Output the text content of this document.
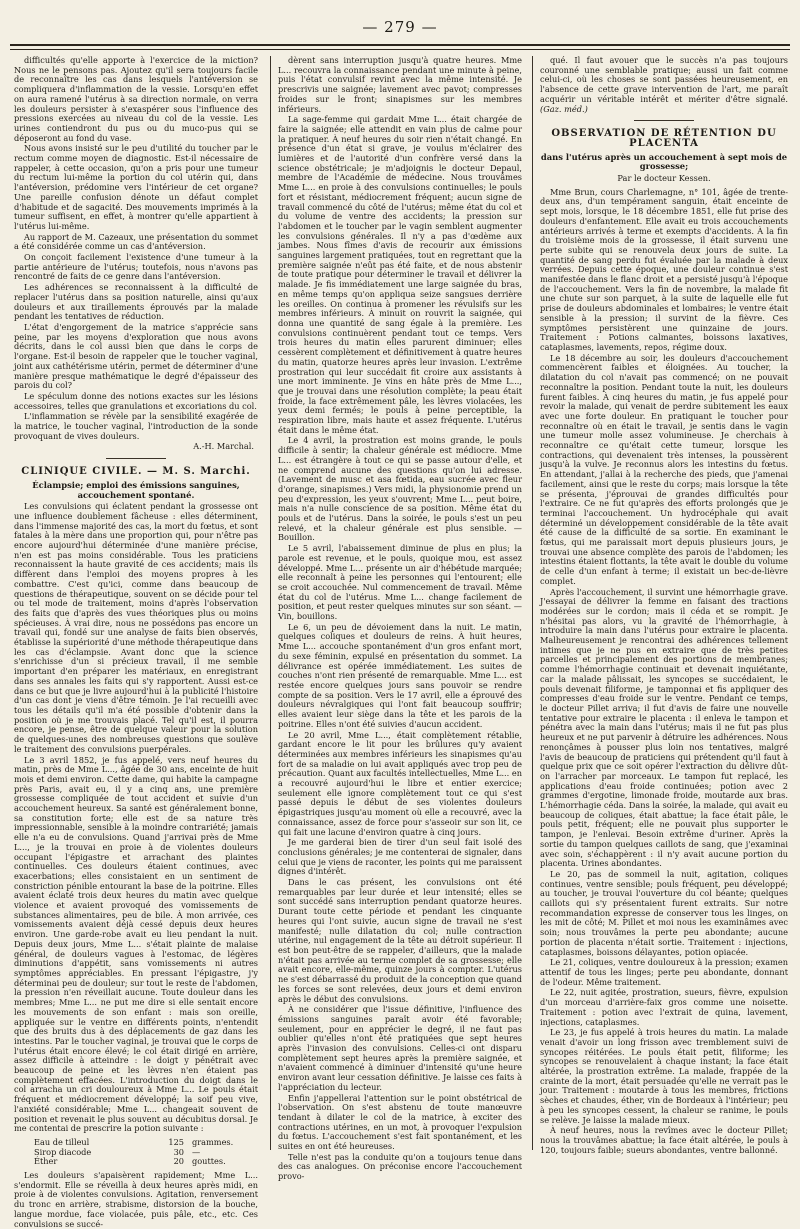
— 279 —

difficultés qu'elle apporte à l'exercice de la miction? Nous ne le pensons pas. Ajoutez qu'il sera toujours facile de reconnaître les cas dans lesquels l'antéversion se compliquera d'inflammation de la vessie. Lorsqu'en effet on aura ramené l'utérus à sa direction normale, on verra les douleurs persister à s'exaspérer sous l'influence des pressions exercées au niveau du col de la vessie. Les urines contiendront du pus ou du muco-pus qui se déposeront au fond du vase.

Nous avons insisté sur le peu d'utilité du toucher par le rectum comme moyen de diagnostic. Est-il nécessaire de rappeler, à cette occasion, qu'on a pris pour une tumeur du rectum lui-même la portion du col utérin qui, dans l'antéversion, prédomine vers l'intérieur de cet organe? Une pareille confusion dénote un défaut complet d'habitude et de sagacité. Des mouvements imprimés à la tumeur suffisent, en effet, à montrer qu'elle appartient à l'utérus lui-même.

Au rapport de M. Cazeaux, une présentation du sommet a été considérée comme un cas d'antéversion.

On conçoit facilement l'existence d'une tumeur à la partie antérieure de l'utérus; toutefois, nous n'avons pas rencontré de faits de ce genre dans l'antéversion.

Les adhérences se reconnaissent à la difficulté de replacer l'utérus dans sa position naturelle, ainsi qu'aux douleurs et aux tiraillements éprouvés par la malade pendant les tentatives de réduction.

L'état d'engorgement de la matrice s'apprécie sans peine, par les moyens d'exploration que nous avons décrits, dans le col aussi bien que dans le corps de l'organe. Est-il besoin de rappeler que le toucher vaginal, joint aux cathétérisme utérin, permet de déterminer d'une manière presque mathématique le degré d'épaisseur des parois du col?

Le spéculum donne des notions exactes sur les lésions accessoires, telles que granulations et excoriations du col.

L'inflammation se révèle par la sensibilité exagérée de la matrice, le toucher vaginal, l'introduction de la sonde provoquant de vives douleurs.

A.-H. Marchal.
CLINIQUE CIVILE. — M. S. Marchi.
Éclampsie; emploi des émissions sanguines, accouchement spontané.

Les convulsions qui éclatent pendant la grossesse ont une influence doublement fâcheuse : elles déterminent, dans l'immense majorité des cas, la mort du fœtus, et sont fatales à la mère dans une proportion qui, pour n'être pas encore aujourd'hui déterminée d'une manière précise, n'en est pas moins considérable. Tous les praticiens reconnaissent la haute gravité de ces accidents; mais ils diffèrent dans l'emploi des moyens propres à les combattre. C'est qu'ici, comme dans beaucoup de questions de thérapeutique, souvent on se décide pour tel ou tel mode de traitement, moins d'après l'observation des faits que d'après des vues théoriques plus ou moins spécieuses. À vrai dire, nous ne possédons pas encore un travail qui, fondé sur une analyse de faits bien observés, établisse la supériorité d'une méthode thérapeutique dans les cas d'éclampsie. Avant donc que la science s'enrichisse d'un si précieux travail, il me semble important d'en préparer les matériaux, en enregistrant dans ses annales les faits qui s'y rapportent. Aussi est-ce dans ce but que je livre aujourd'hui à la publicité l'histoire d'un cas dont je viens d'être témoin. Je l'ai recueilli avec tous les détails qu'il m'a été possible d'obtenir dans la position où je me trouvais placé. Tel qu'il est, il pourra encore, je pense, être de quelque valeur pour la solution de quelques-unes des nombreuses questions que soulève le traitement des convulsions puerpérales.

Le 3 avril 1852, je fus appelé, vers neuf heures du matin, près de Mme L..., âgée de 30 ans, enceinte de huit mois et demi environ. Cette dame, qui habite la campagne près Paris, avait eu, il y a cinq ans, une première grossesse compliquée de tout accident et suivie d'un accouchement heureux. Sa santé est généralement bonne, sa constitution forte; elle est de sa nature très impressionnable, sensible à la moindre contrariété; jamais elle n'a eu de convulsions. Quand j'arrivai près de Mme L..., je la trouvai en proie à de violentes douleurs occupant l'épigastre et arrachant des plaintes continuelles. Ces douleurs étaient continues, avec exacerbations; elles consistaient en un sentiment de constriction pénible entourant la base de la poitrine. Elles avaient éclaté trois deux heures du matin avec quelque violence et avaient provoqué des vomissements de substances alimentaires, peu de bile. À mon arrivée, ces vomissements avaient déjà cessé depuis deux heures environ. Une garde-robe avait eu lieu pendant la nuit. Depuis deux jours, Mme L... s'était plainte de malaise général, de douleurs vagues à l'estomac, de légères diminutions d'appétit, sans vomissements ni autres symptômes appréciables. En pressant l'épigastre, j'y déterminai peu de douleur; sur tout le reste de l'abdomen, la pression n'en réveillait aucune. Toute douleur dans les membres; Mme L... ne put me dire si elle sentait encore les mouvements de son enfant : mais son oreille, appliquée sur le ventre en différents points, n'entendit que des bruits dus à des déplacements de gaz dans les intestins. Par le toucher vaginal, je trouvai que le corps de l'utérus était encore élevé; le col était dirigé en arrière, assez difficile à atteindre : le doigt y pénétrait avec beaucoup de peine et les lèvres n'en étaient pas complètement effacées. L'introduction du doigt dans le col arracha un cri douloureux à Mme L... Le pouls était fréquent et médiocrement développé; la soif peu vive, l'anxiété considérable; Mme L... changeait souvent de position et revenait le plus souvent au décubitus dorsal. Je me contentai de prescrire la potion suivante :

Eau de tilleul	125 grammes.
Sirop diacode	30 —
Éther	20 gouttes.

Les douleurs s'apaisèrent rapidement; Mme L... s'endormit. Elle se réveilla à deux heures après midi, en proie à de violentes convulsions. Agitation, renversement du tronc en arrière, strabisme, distorsion de la bouche, langue mordue, face violacée, puis pâle, etc., etc. Ces convulsions se succé-

dèrent sans interruption jusqu'à quatre heures. Mme L... recouvra la connaissance pendant une minute à peine, puis l'état convulsif revint avec la même intensité. Je prescrivis une saignée; lavement avec pavot; compresses froides sur le front; sinapismes sur les membres inférieurs.

La sage-femme qui gardait Mme L... était chargée de faire la saignée; elle attendit en vain plus de calme pour la pratiquer. À neuf heures du soir rien n'était changé. En présence d'un état si grave, je voulus m'éclairer des lumières et de l'autorité d'un confrère versé dans la science obstétricale; je m'adjoignis le docteur Depaul, membre de l'Académie de médecine. Nous trouvâmes Mme L... en proie à des convulsions continuelles; le pouls fort et résistant, médiocrement fréquent; aucun signe de travail commencé du côté de l'utérus; même état du col et du volume de ventre des accidents; la pression sur l'abdomen et le toucher par le vagin semblent augmenter les convulsions générales. Il n'y a pas d'œdème aux jambes. Nous fîmes d'avis de recourir aux émissions sanguines largement pratiquées, tout en regrettant que la première saignée n'eût pas été faite, et de nous abstenir de toute pratique pour déterminer le travail et délivrer la malade. Je fis immédiatement une large saignée du bras, en même temps qu'on appliqua seize sangsues derrière les oreilles. On continua à promener les révulsifs sur les membres inférieurs. À minuit on rouvrit la saignée, qui donna une quantité de sang égale à la première. Les convulsions continuèrent pendant tout ce temps. Vers trois heures du matin elles parurent diminuer; elles cessèrent complètement et définitivement à quatre heures du matin, quatorze heures après leur invasion. L'extrême prostration qui leur succédait fit croire aux assistants à une mort imminente. Je vins en hâte près de Mme L..., que je trouvai dans une résolution complète; la peau était froide, la face extrêmement pâle, les lèvres violacées, les yeux demi fermés; le pouls à peine perceptible, la respiration libre, mais haute et assez fréquente. L'utérus était dans le même état.

Le 4 avril, la prostration est moins grande, le pouls difficile à sentir; la chaleur générale est médiocre. Mme L... est étrangère à tout ce qui se passe autour d'elle, et ne comprend aucune des questions qu'on lui adresse. (Lavement de musc et asa fœtida, eau sucrée avec fleur d'orange, sinapismes.) Vers midi, la physionomie prend un peu d'expression, les yeux s'ouvrent; Mme L... peut boire, mais n'a nulle conscience de sa position. Même état du pouls et de l'utérus. Dans la soirée, le pouls s'est un peu relevé, et la chaleur générale est plus sensible. — Bouillon.

Le 5 avril, l'abaissement diminue de plus en plus; la parole est revenue, et le pouls, quoique mou, est assez développé. Mme L... présente un air d'hébétude marquée; elle reconnaît à peine les personnes qui l'entourent; elle se croit accouchée. Nul commencement de travail. Même état du col de l'utérus. Mme L... change facilement de position, et peut rester quelques minutes sur son séant. — Vin, bouillons.

Le 6, un peu de dévoiement dans la nuit. Le matin, quelques coliques et douleurs de reins. À huit heures, Mme L... accouche spontanément d'un gros enfant mort, du sexe féminin, expulsé en présentation du sommet. La délivrance est opérée immédiatement. Les suites de couches n'ont rien présenté de remarquable. Mme L... est restée encore quelques jours sans pouvoir se rendre compte de sa position. Vers le 17 avril, elle a éprouvé des douleurs névralgiques qui l'ont fait beaucoup souffrir; elles avaient leur siège dans la tête et les parois de la poitrine. Elles n'ont été suivies d'aucun accident.

Le 20 avril, Mme L..., était complètement rétablie, gardant encore le lit pour les brûlures qu'y avaient déterminées aux membres inférieurs les sinapismes qu'au fort de sa maladie on lui avait appliqués avec trop peu de précaution. Quant aux facultés intellectuelles, Mme L... en a recouvré aujourd'hui le libre et entier exercice; seulement elle ignore complètement tout ce qui s'est passé depuis le début de ses violentes douleurs épigastriques jusqu'au moment où elle a recouvré, avec la connaissance, assez de force pour s'asseoir sur son lit, ce qui fait une lacune d'environ quatre à cinq jours.

Je me garderai bien de tirer d'un seul fait isolé des conclusions générales; je me contenterai de signaler, dans celui que je viens de raconter, les points qui me paraissent dignes d'intérêt.

Dans le cas présent, les convulsions ont été remarquables par leur durée et leur intensité; elles se sont succédé sans interruption pendant quatorze heures. Durant toute cette période et pendant les cinquante heures qui l'ont suivie, aucun signe de travail ne s'est manifesté; nulle dilatation du col; nulle contraction utérine, nul engagement de la tête au détroit supérieur. Il est bon peut-être de se rappeler, d'ailleurs, que la malade n'était pas arrivée au terme complet de sa grossesse; elle avait encore, elle-même, quinze jours à compter. L'utérus ne s'est débarrassé du produit de la conception que quand les forces se sont relevées, deux jours et demi environ après le début des convulsions.

À ne considérer que l'issue définitive, l'influence des émissions sanguines paraît avoir été favorable; seulement, pour en apprécier le degré, il ne faut pas oublier qu'elles n'ont été pratiquées que sept heures après l'invasion des convulsions. Celles-ci ont disparu complètement sept heures après la première saignée, et n'avaient commencé à diminuer d'intensité qu'une heure environ avant leur cessation définitive. Je laisse ces faits à l'appréciation du lecteur.

Enfin j'appellerai l'attention sur le point obstétrical de l'observation. On s'est abstenu de toute manœuvre tendant à dilater le col de la matrice, à exciter des contractions utérines, en un mot, à provoquer l'expulsion du fœtus. L'accouchement s'est fait spontanément, et les suites en ont été heureuses.

Telle n'est pas la conduite qu'on a toujours tenue dans des cas analogues. On préconise encore l'accouchement provo-

qué. Il faut avouer que le succès n'a pas toujours couronné une semblable pratique; aussi un fait comme celui-ci, où les choses se sont passées heureusement, en l'absence de cette grave intervention de l'art, me paraît acquérir un véritable intérêt et mériter d'être signalé. (Gaz. méd.)

OBSERVATION DE RÉTENTION DU PLACENTA
dans l'utérus après un accouchement à sept mois de grossesse;
Par le docteur Kessen.

Mme Brun, cours Charlemagne, n° 101, âgée de trente-deux ans, d'un tempérament sanguin, était enceinte de sept mois, lorsque, le 18 décembre 1851, elle fut prise des douleurs d'enfantement. Elle avait eu trois accouchements antérieurs arrivés à terme et exempts d'accidents. À la fin du troisième mois de la grossesse, il était survenu une perte subite qui se renouvela deux jours de suite. La quantité de sang perdu fut évaluée par la malade à deux verrées. Depuis cette époque, une douleur continue s'est manifestée dans le flanc droit et a persisté jusqu'à l'époque de l'accouchement. Vers la fin de novembre, la malade fit une chute sur son parquet, à la suite de laquelle elle fut prise de douleurs abdominales et lombaires; le ventre était sensible à la pression; il survint de la fièvre. Ces symptômes persistèrent une quinzaine de jours. Traitement : Potions calmantes, boissons laxatives, cataplasmes, lavements, repos, régime doux.

Le 18 décembre au soir, les douleurs d'accouchement commencèrent faibles et éloignées. Au toucher, la dilatation du col n'avait pas commencé; on ne pouvait reconnaître la position. Pendant toute la nuit, les douleurs furent faibles. À cinq heures du matin, je fus appelé pour revoir la malade, qui venait de perdre subitement les eaux avec une forte douleur. En pratiquant le toucher pour reconnaître où en était le travail, je sentis dans le vagin une tumeur molle assez volumineuse. Je cherchais à reconnaître ce qu'était cette tumeur, lorsque les contractions, qui devenaient très intenses, la poussèrent jusqu'à la vulve. Je reconnus alors les intestins du fœtus. En attendant, j'allai à la recherche des pieds, que j'amenai facilement, ainsi que le reste du corps; mais lorsque la tête se présenta, j'éprouvai de grandes difficultés pour l'extraire. Ce ne fut qu'après des efforts prolongés que je terminai l'accouchement. Un hydrocéphale qui avait déterminé un développement considérable de la tête avait été cause de la difficulté de sa sortie. En examinant le fœtus, qui me paraissait mort depuis plusieurs jours, je trouvai une absence complète des parois de l'abdomen; les intestins étaient flottants, la tête avait le double du volume de celle d'un enfant à terme; il existait un bec-de-lièvre complet.

Après l'accouchement, il survint une hémorrhagie grave. J'essayai de délivrer la femme en faisant des tractions modérées sur le cordon; mais il céda et se rompit. Je n'hésitai pas alors, vu la gravité de l'hémorrhagie, à introduire la main dans l'utérus pour extraire le placenta. Malheureusement je rencontrai des adhérences tellement intimes que je ne pus en extraire que de très petites parcelles et principalement des portions de membranes; comme l'hémorrhagie continuait et devenait inquiétante, car la malade pâlissait, les syncopes se succédaient, le pouls devenait filiforme, je tamponnai et fis appliquer des compresses d'eau froide sur le ventre. Pendant ce temps, le docteur Pillet arriva; il fut d'avis de faire une nouvelle tentative pour extraire le placenta : il enleva le tampon et pénétra avec la main dans l'utérus; mais il ne fut pas plus heureux et ne put parvenir à détruire les adhérences. Nous renonçâmes à pousser plus loin nos tentatives, malgré l'avis de beaucoup de praticiens qui prétendent qu'il faut à quelque prix que ce soit opérer l'extraction du délivre dût-on l'arracher par morceaux. Le tampon fut replacé, les applications d'eau froide continuées; potion avec 2 grammes d'ergotine, limonade froide, moutarde aux bras. L'hémorrhagie céda. Dans la soirée, la malade, qui avait eu beaucoup de coliques, était abattue; la face était pâle, le pouls petit, fréquent; elle ne pouvait plus supporter le tampon, je l'enlevai. Besoin extrême d'uriner. Après la sortie du tampon quelques caillots de sang, que j'examinai avec soin, s'échappèrent : il n'y avait aucune portion du placenta. Urines abondantes.

Le 20, pas de sommeil la nuit, agitation, coliques continues, ventre sensible; pouls fréquent, peu développé; au toucher, je trouvai l'ouverture du col béante; quelques caillots qui s'y présentaient furent extraits. Sur notre recommandation expresse de conserver tous les linges, on les mit de côté; M. Pillet et moi nous les examinâmes avec soin; nous trouvâmes la perte peu abondante; aucune portion de placenta n'était sortie. Traitement : injections, cataplasmes, boissons délayantes, potion opiacée.

Le 21, coliques, ventre douloureux à la pression; examen attentif de tous les linges; perte peu abondante, donnant de l'odeur. Même traitement.

Le 22, nuit agitée, prostration, sueurs, fièvre, expulsion d'un morceau d'arrière-faix gros comme une noisette. Traitement : potion avec l'extrait de quina, lavement, injections, cataplasmes.

Le 23, je fus appelé à trois heures du matin. La malade venait d'avoir un long frisson avec tremblement suivi de syncopes réitérées. Le pouls était petit, filiforme; les syncopes se renouvelaient à chaque instant; la face était altérée, la prostration extrême. La malade, frappée de la crainte de la mort, était persuadée qu'elle ne verrait pas le jour. Traitement : moutarde à tous les membres, frictions sèches et chaudes, éther, vin de Bordeaux à l'intérieur; peu à peu les syncopes cessent, la chaleur se ranime, le pouls se relève. Je laisse la malade mieux.

À neuf heures, nous la revîmes avec le docteur Pillet; nous la trouvâmes abattue; la face était altérée, le pouls à 120, toujours faible; sueurs abondantes, ventre ballonné.
